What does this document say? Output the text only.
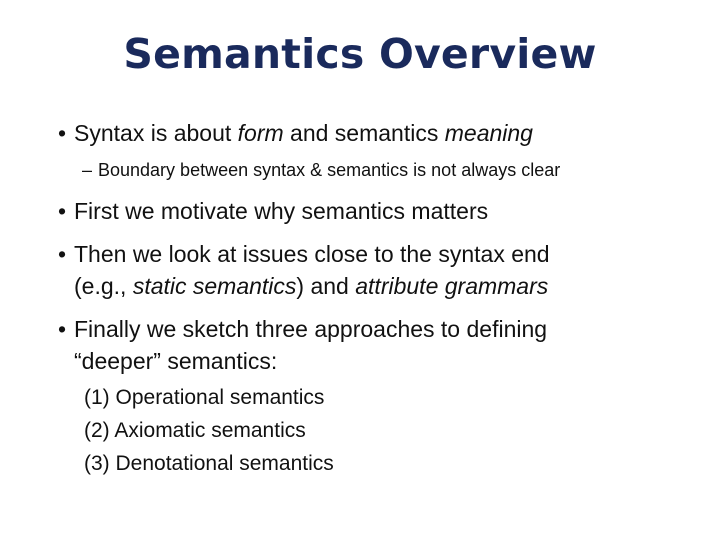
Semantics Overview
• Syntax is about form and semantics meaning
– Boundary between syntax & semantics is not always clear
• First we motivate why semantics matters
• Then we look at issues close to the syntax end
(e.g., static semantics) and attribute grammars
• Finally we sketch three approaches to defining
“deeper” semantics:
(1) Operational semantics
(2) Axiomatic semantics
(3) Denotational semantics
